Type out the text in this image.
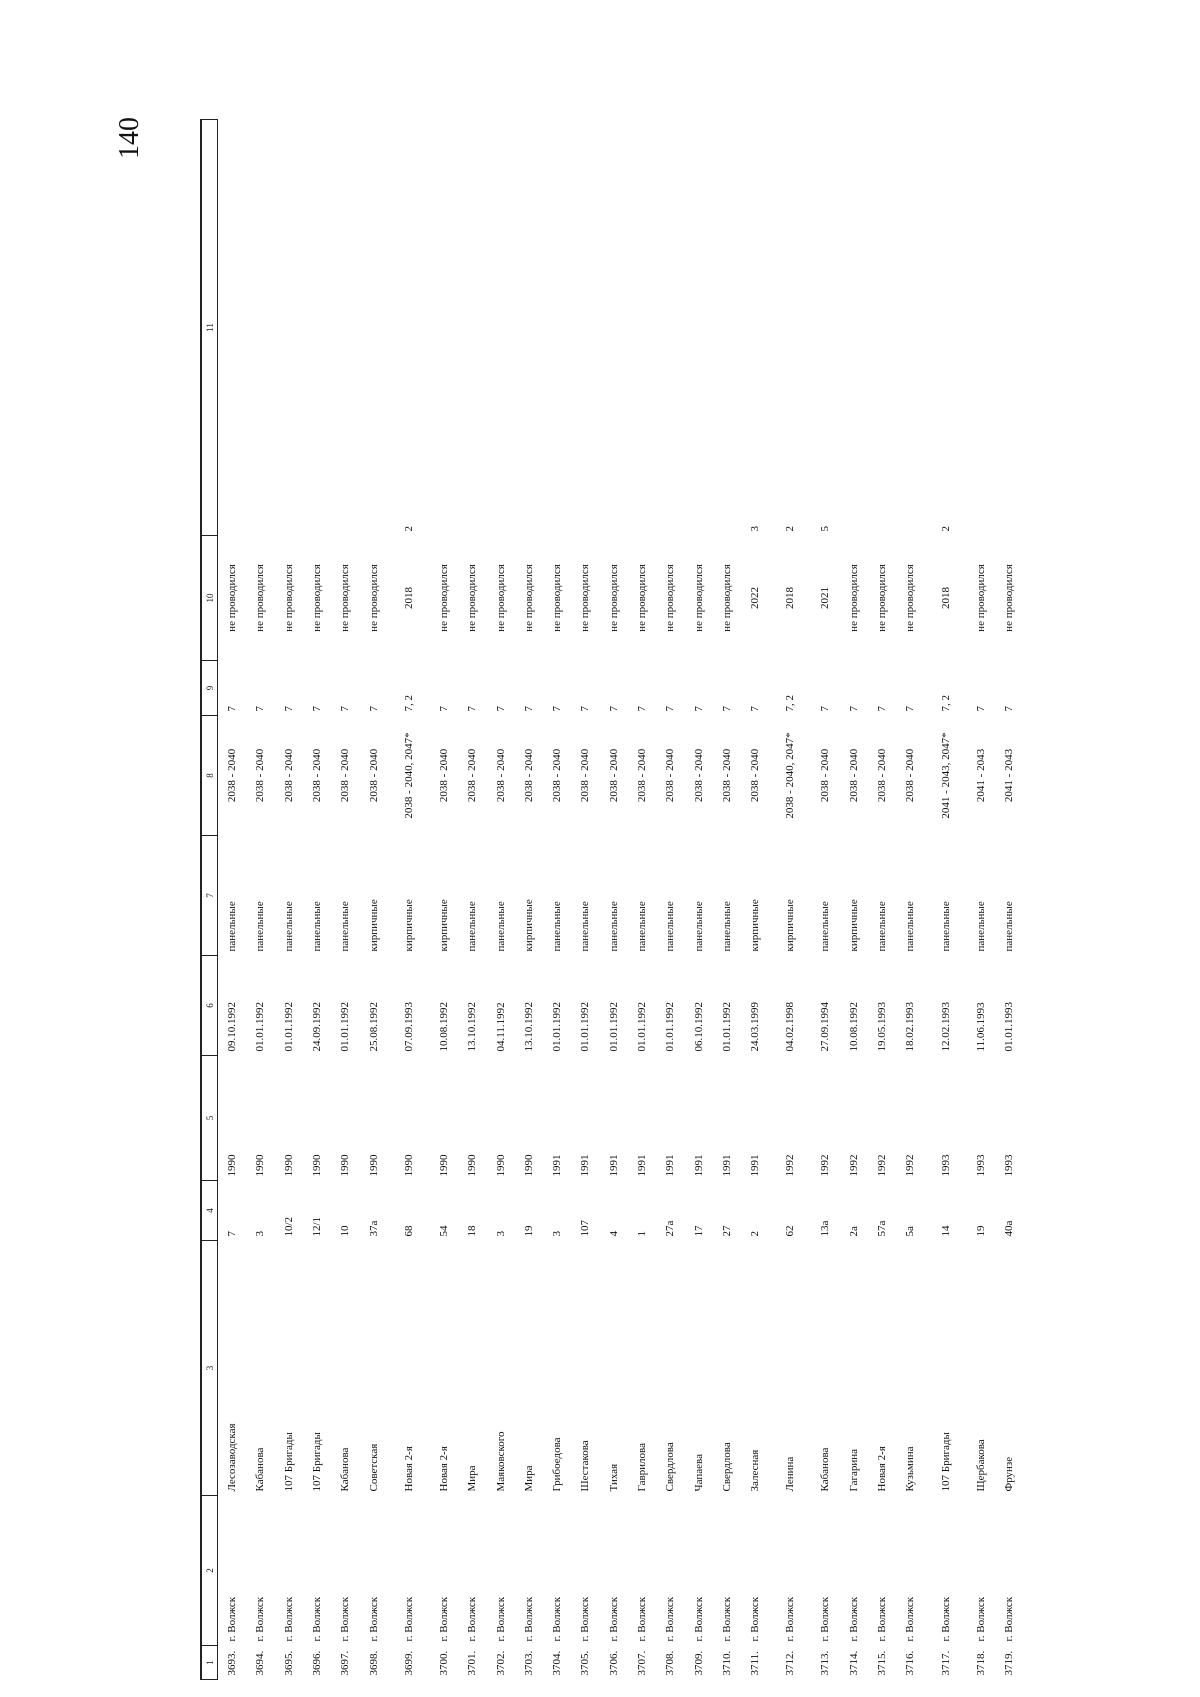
140
1	2	3	4	5	6	7	8	9	10	11
3693.	г. Волжск	Лесозаводская	7	1990	09.10.1992	панельные	2038 - 2040	7	не проводился	
3694.	г. Волжск	Кабанова	3	1990	01.01.1992	панельные	2038 - 2040	7	не проводился	
3695.	г. Волжск	107 Бригады	10/2	1990	01.01.1992	панельные	2038 - 2040	7	не проводился	
3696.	г. Волжск	107 Бригады	12/1	1990	24.09.1992	панельные	2038 - 2040	7	не проводился	
3697.	г. Волжск	Кабанова	10	1990	01.01.1992	панельные	2038 - 2040	7	не проводился	
3698.	г. Волжск	Советская	37а	1990	25.08.1992	кирпичные	2038 - 2040	7	не проводился	
3699.	г. Волжск	Новая 2-я	68	1990	07.09.1993	кирпичные	2038 - 2040, 2047*	7, 2	2018	2
3700.	г. Волжск	Новая 2-я	54	1990	10.08.1992	кирпичные	2038 - 2040	7	не проводился	
3701.	г. Волжск	Мира	18	1990	13.10.1992	панельные	2038 - 2040	7	не проводился	
3702.	г. Волжск	Маяковского	3	1990	04.11.1992	панельные	2038 - 2040	7	не проводился	
3703.	г. Волжск	Мира	19	1990	13.10.1992	кирпичные	2038 - 2040	7	не проводился	
3704.	г. Волжск	Грибоедова	3	1991	01.01.1992	панельные	2038 - 2040	7	не проводился	
3705.	г. Волжск	Шестакова	107	1991	01.01.1992	панельные	2038 - 2040	7	не проводился	
3706.	г. Волжск	Тихая	4	1991	01.01.1992	панельные	2038 - 2040	7	не проводился	
3707.	г. Волжск	Гаврилова	1	1991	01.01.1992	панельные	2038 - 2040	7	не проводился	
3708.	г. Волжск	Свердлова	27а	1991	01.01.1992	панельные	2038 - 2040	7	не проводился	
3709.	г. Волжск	Чапаева	17	1991	06.10.1992	панельные	2038 - 2040	7	не проводился	
3710.	г. Волжск	Свердлова	27	1991	01.01.1992	панельные	2038 - 2040	7	не проводился	
3711.	г. Волжск	Залесная	2	1991	24.03.1999	кирпичные	2038 - 2040	7	2022	3
3712.	г. Волжск	Ленина	62	1992	04.02.1998	кирпичные	2038 - 2040, 2047*	7, 2	2018	2
3713.	г. Волжск	Кабанова	13а	1992	27.09.1994	панельные	2038 - 2040	7	2021	5
3714.	г. Волжск	Гагарина	2а	1992	10.08.1992	кирпичные	2038 - 2040	7	не проводился	
3715.	г. Волжск	Новая 2-я	57а	1992	19.05.1993	панельные	2038 - 2040	7	не проводился	
3716.	г. Волжск	Кузьмина	5а	1992	18.02.1993	панельные	2038 - 2040	7	не проводился	
3717.	г. Волжск	107 Бригады	14	1993	12.02.1993	панельные	2041 - 2043, 2047*	7, 2	2018	2
3718.	г. Волжск	Щербакова	19	1993	11.06.1993	панельные	2041 - 2043	7	не проводился	
3719.	г. Волжск	Фрунзе	40а	1993	01.01.1993	панельные	2041 - 2043	7	не проводился	
